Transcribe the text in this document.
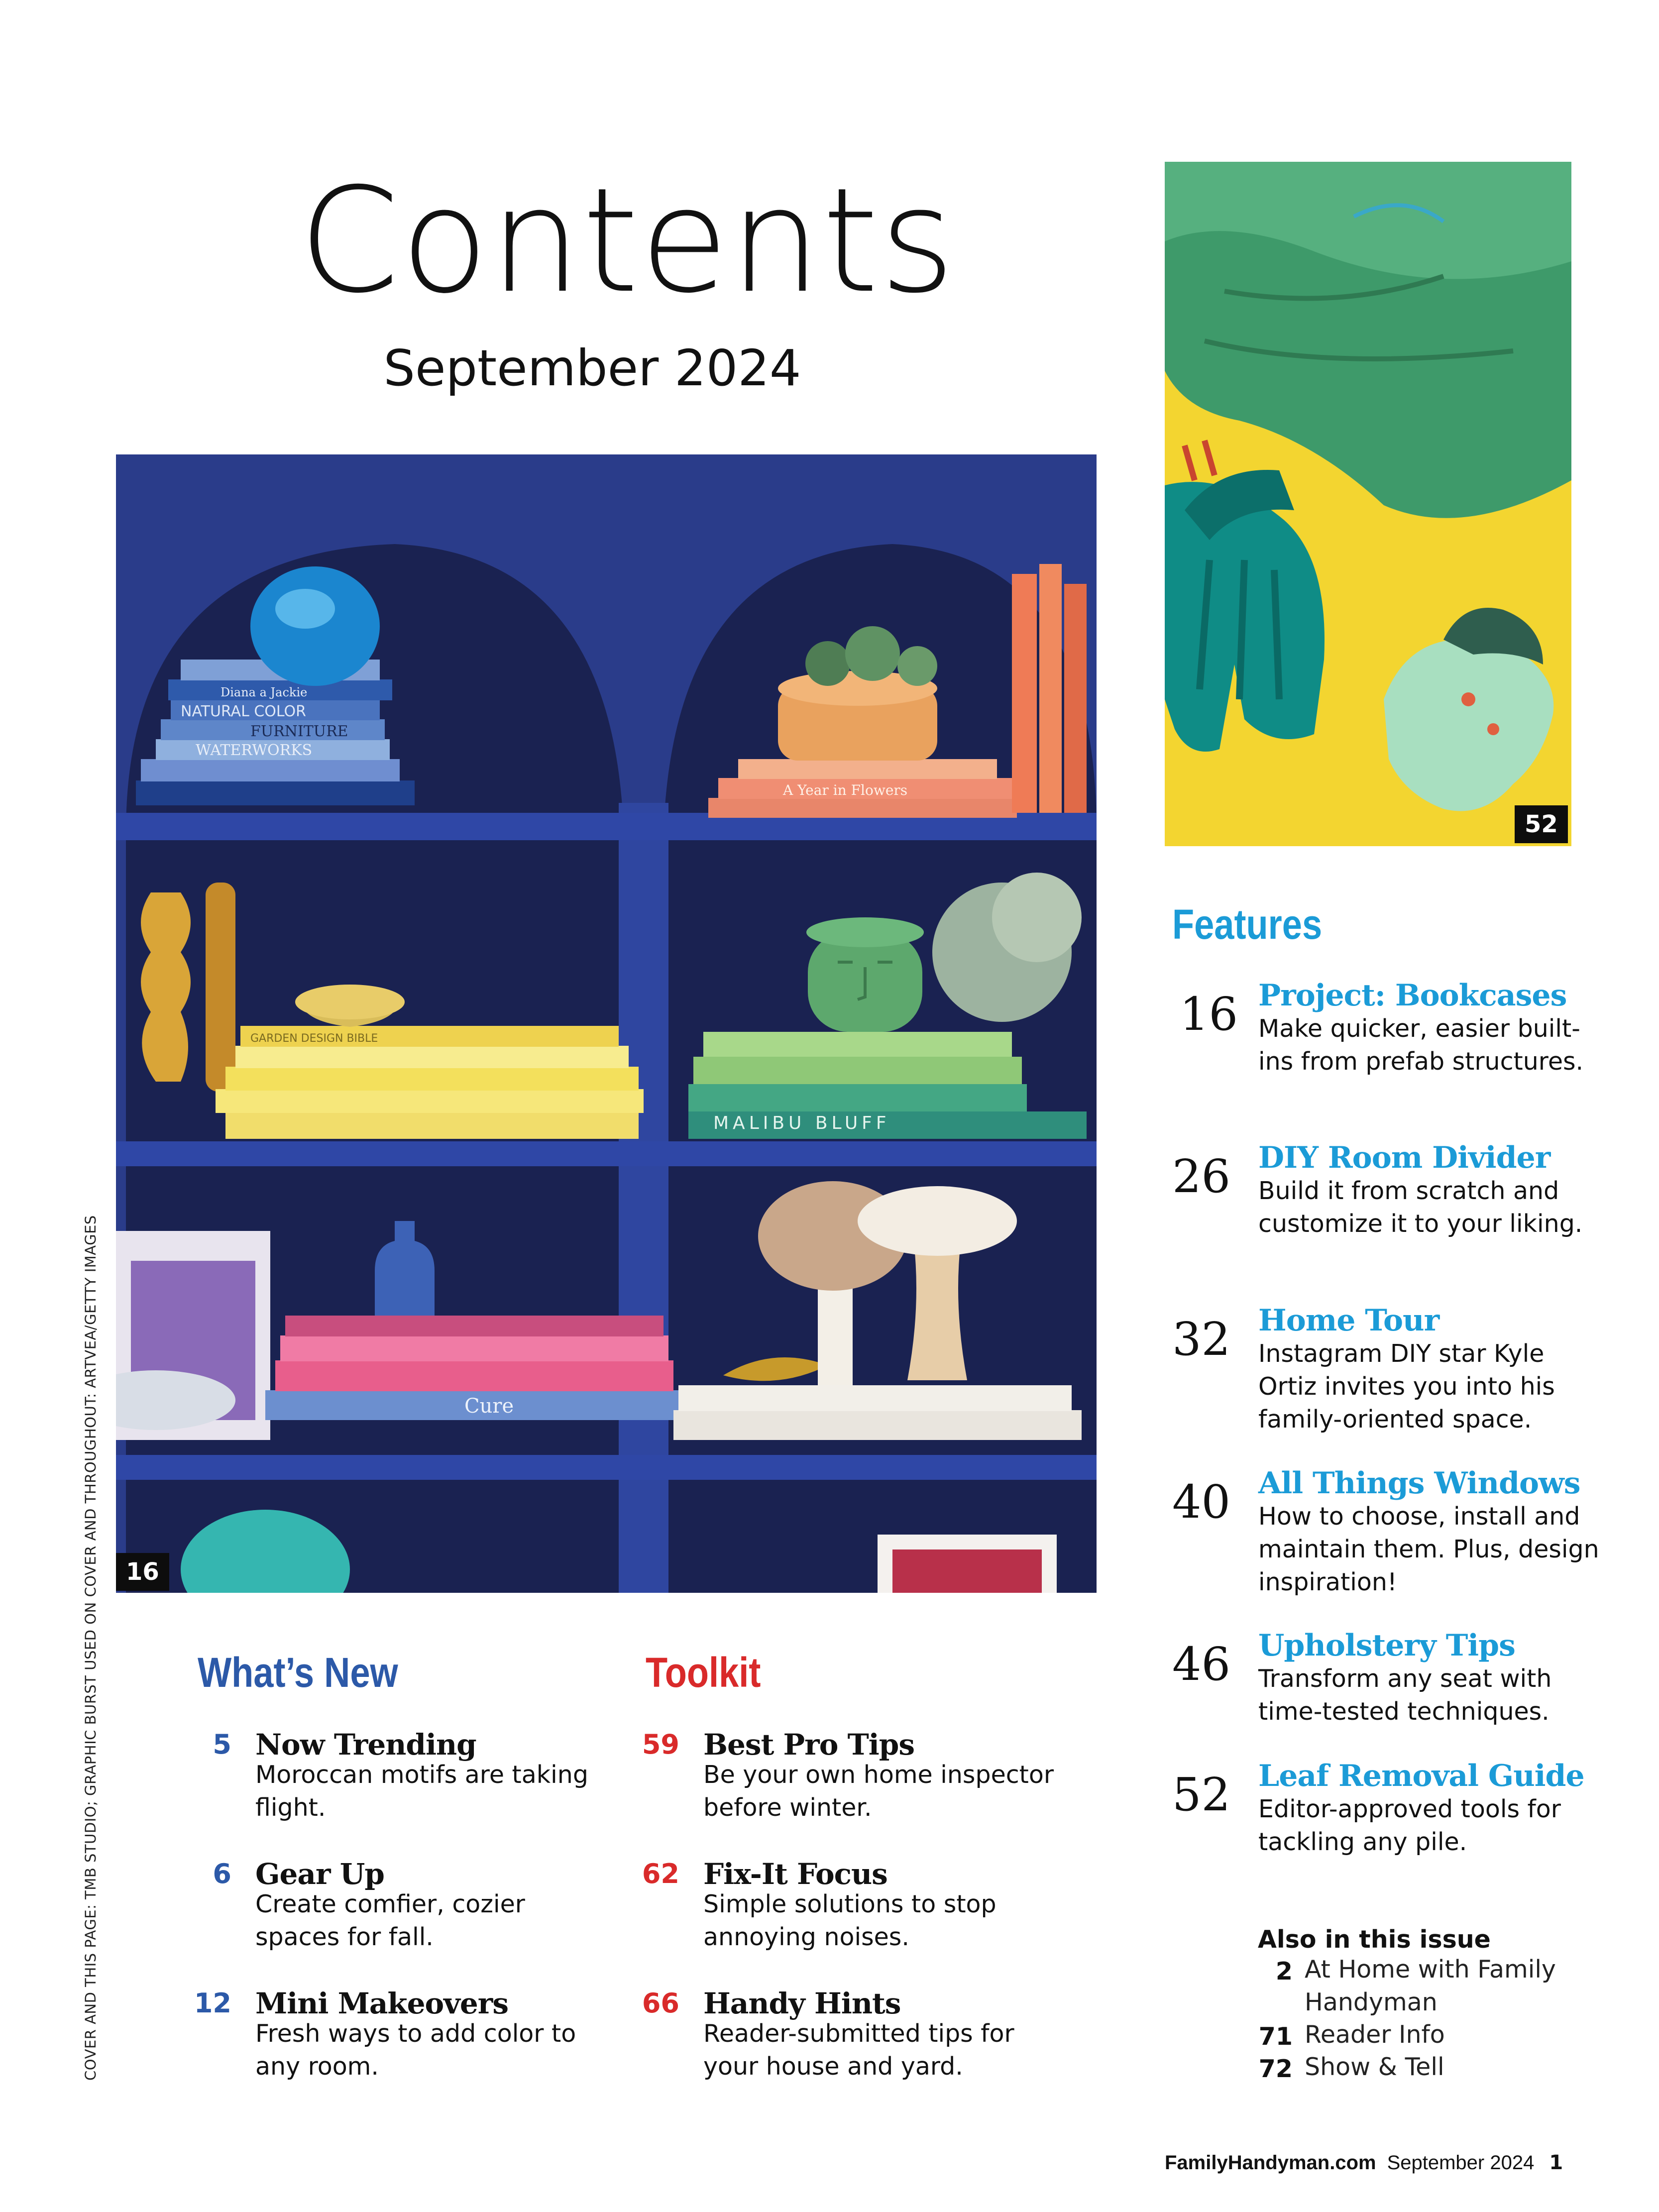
Contents
September 2024
WATERWORKS
FURNITURE
NATURAL COLOR
Diana a Jackie
A Year in Flowers
GARDEN DESIGN BIBLE
MALIBU BLUFF
Cure
16
52
COVER AND THIS PAGE: TMB STUDIO; GRAPHIC BURST USED ON COVER AND THROUGHOUT: ARTVEA/GETTY IMAGES
Features
16 Project: Bookcases
Make quicker, easier built-ins from prefab structures.
26 DIY Room Divider
Build it from scratch and customize it to your liking.
32 Home Tour
Instagram DIY star Kyle Ortiz invites you into his family-oriented space.
40 All Things Windows
How to choose, install and maintain them. Plus, design inspiration!
46 Upholstery Tips
Transform any seat with time-tested techniques.
52 Leaf Removal Guide
Editor-approved tools for tackling any pile.
What’s New
5 Now Trending
Moroccan motifs are taking flight.
6 Gear Up
Create comfier, cozier spaces for fall.
12 Mini Makeovers
Fresh ways to add color to any room.
Toolkit
59 Best Pro Tips
Be your own home inspector before winter.
62 Fix-It Focus
Simple solutions to stop annoying noises.
66 Handy Hints
Reader-submitted tips for your house and yard.
Also in this issue
2 At Home with Family Handyman
71 Reader Info
72 Show & Tell
FamilyHandyman.com September 2024 1
